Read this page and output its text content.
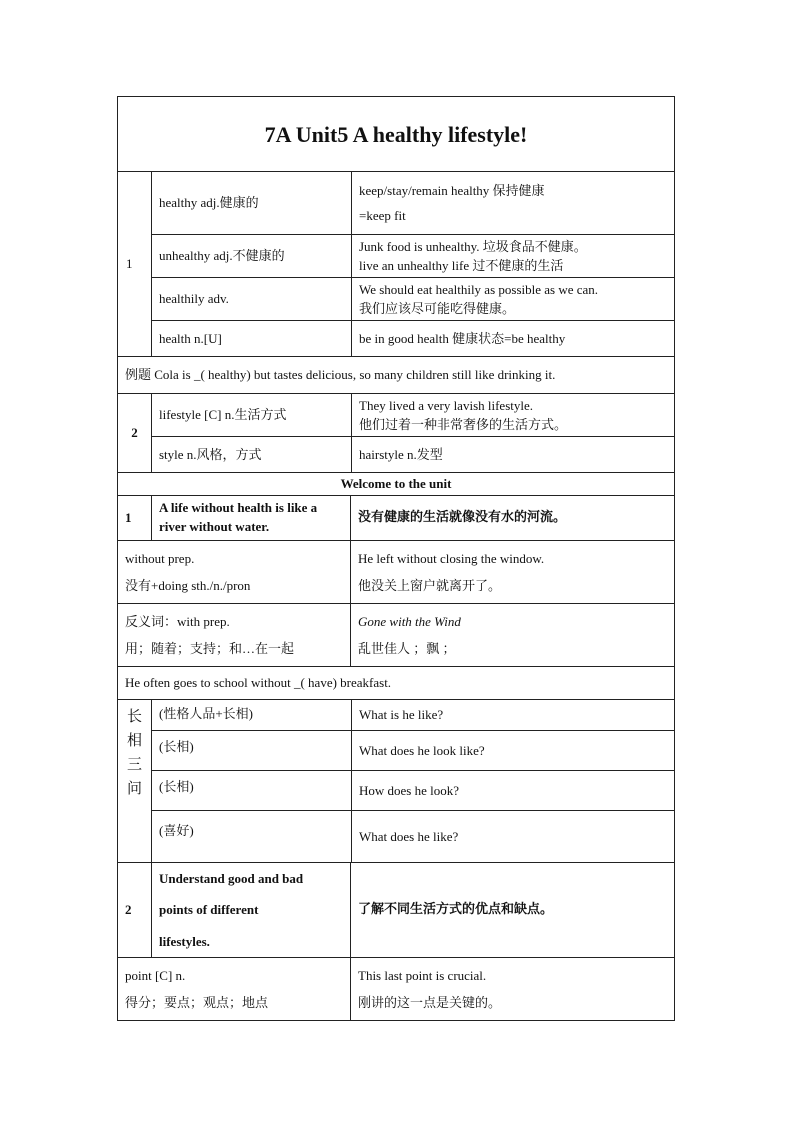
7A Unit5 A healthy lifestyle!
1
healthy adj.健康的
unhealthy adj.不健康的
healthily adv.
health n.[U]
keep/stay/remain healthy 保持健康
=keep fit
Junk food is unhealthy. 垃圾食品不健康。
live an unhealthy life 过不健康的生活
We should eat healthily as possible as we can.
我们应该尽可能吃得健康。
be in good health 健康状态=be healthy
例题 Cola is _( healthy) but tastes delicious, so many children still like drinking it.
2
lifestyle [C] n.生活方式
style n.风格，方式
They lived a very lavish lifestyle.
他们过着一种非常奢侈的生活方式。
hairstyle n.发型
Welcome to the unit
1
A life without health is like a river without water.
没有健康的生活就像没有水的河流。
without prep.
没有+doing sth./n./pron
He left without closing the window.
他没关上窗户就离开了。
反义词：with prep.
用；随着；支持；和…在一起
Gone with the Wind
乱世佳人 ；飘 ；
He often goes to school without _( have) breakfast.
长
相
三
问
(性格人品+长相)
(长相)
(长相)
(喜好)
What is he like?
What does he look like?
How does he look?
What does he like?
2
Understand good and bad
points of different
lifestyles.
了解不同生活方式的优点和缺点。
point [C] n.
得分；要点；观点；地点
This last point is crucial.
刚讲的这一点是关键的。
